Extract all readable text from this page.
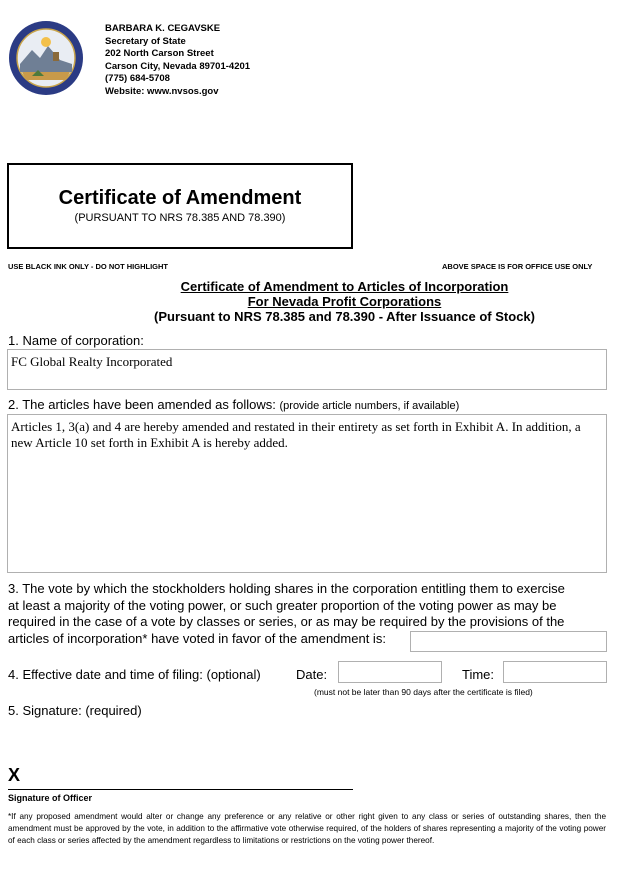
BARBARA K. CEGAVSKE
Secretary of State
202 North Carson Street
Carson City, Nevada 89701-4201
(775) 684-5708
Website: www.nvsos.gov
Certificate of Amendment
(PURSUANT TO NRS 78.385 AND 78.390)
USE BLACK INK ONLY - DO NOT HIGHLIGHT	ABOVE SPACE IS FOR OFFICE USE ONLY
Certificate of Amendment to Articles of Incorporation
For Nevada Profit Corporations
(Pursuant to NRS 78.385 and 78.390 - After Issuance of Stock)
1. Name of corporation:
FC Global Realty Incorporated
2. The articles have been amended as follows: (provide article numbers, if available)
Articles 1, 3(a) and 4 are hereby amended and restated in their entirety as set forth in Exhibit A. In addition, a new Article 10 set forth in Exhibit A is hereby added.
3. The vote by which the stockholders holding shares in the corporation entitling them to exercise
at least a majority of the voting power, or such greater proportion of the voting power as may be
required in the case of a vote by classes or series, or as may be required by the provisions of the
articles of incorporation* have voted in favor of the amendment is:
4. Effective date and time of filing: (optional)	Date:	Time:
(must not be later than 90 days after the certificate is filed)
5. Signature: (required)
X
Signature of Officer
*If any proposed amendment would alter or change any preference or any relative or other right given to any class or series of outstanding shares, then the amendment must be approved by the vote, in addition to the affirmative vote otherwise required, of the holders of shares representing a majority of the voting power of each class or series affected by the amendment regardless to limitations or restrictions on the voting power thereof.
